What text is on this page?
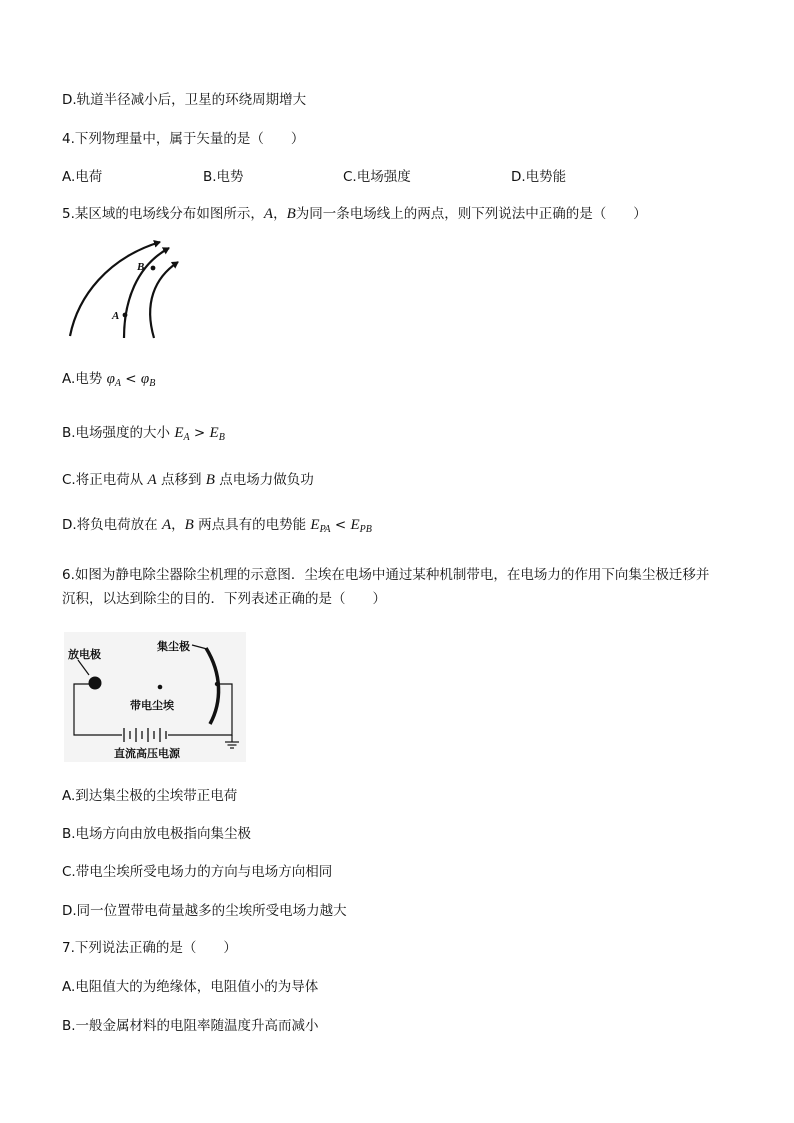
D.轨道半径减小后，卫星的环绕周期增大
4.下列物理量中，属于矢量的是（　　）
A.电荷	B.电势	C.电场强度	D.电势能
5.某区域的电场线分布如图所示，A，B为同一条电场线上的两点，则下列说法中正确的是（　　）
A
B
A.电势 $\varphi_A < \varphi_B$
B.电场强度的大小 $E_A > E_B$
C.将正电荷从 A 点移到 B 点电场力做负功
D.将负电荷放在 A，B 两点具有的电势能 $E_{PA} < E_{PB}$
6.如图为静电除尘器除尘机理的示意图．尘埃在电场中通过某种机制带电，在电场力的作用下向集尘极迁移并
沉积，以达到除尘的目的．下列表述正确的是（　　）
放电极
集尘极
带电尘埃
直流高压电源
A.到达集尘极的尘埃带正电荷
B.电场方向由放电极指向集尘极
C.带电尘埃所受电场力的方向与电场方向相同
D.同一位置带电荷量越多的尘埃所受电场力越大
7.下列说法正确的是（　　）
A.电阻值大的为绝缘体，电阻值小的为导体
B.一般金属材料的电阻率随温度升高而减小
